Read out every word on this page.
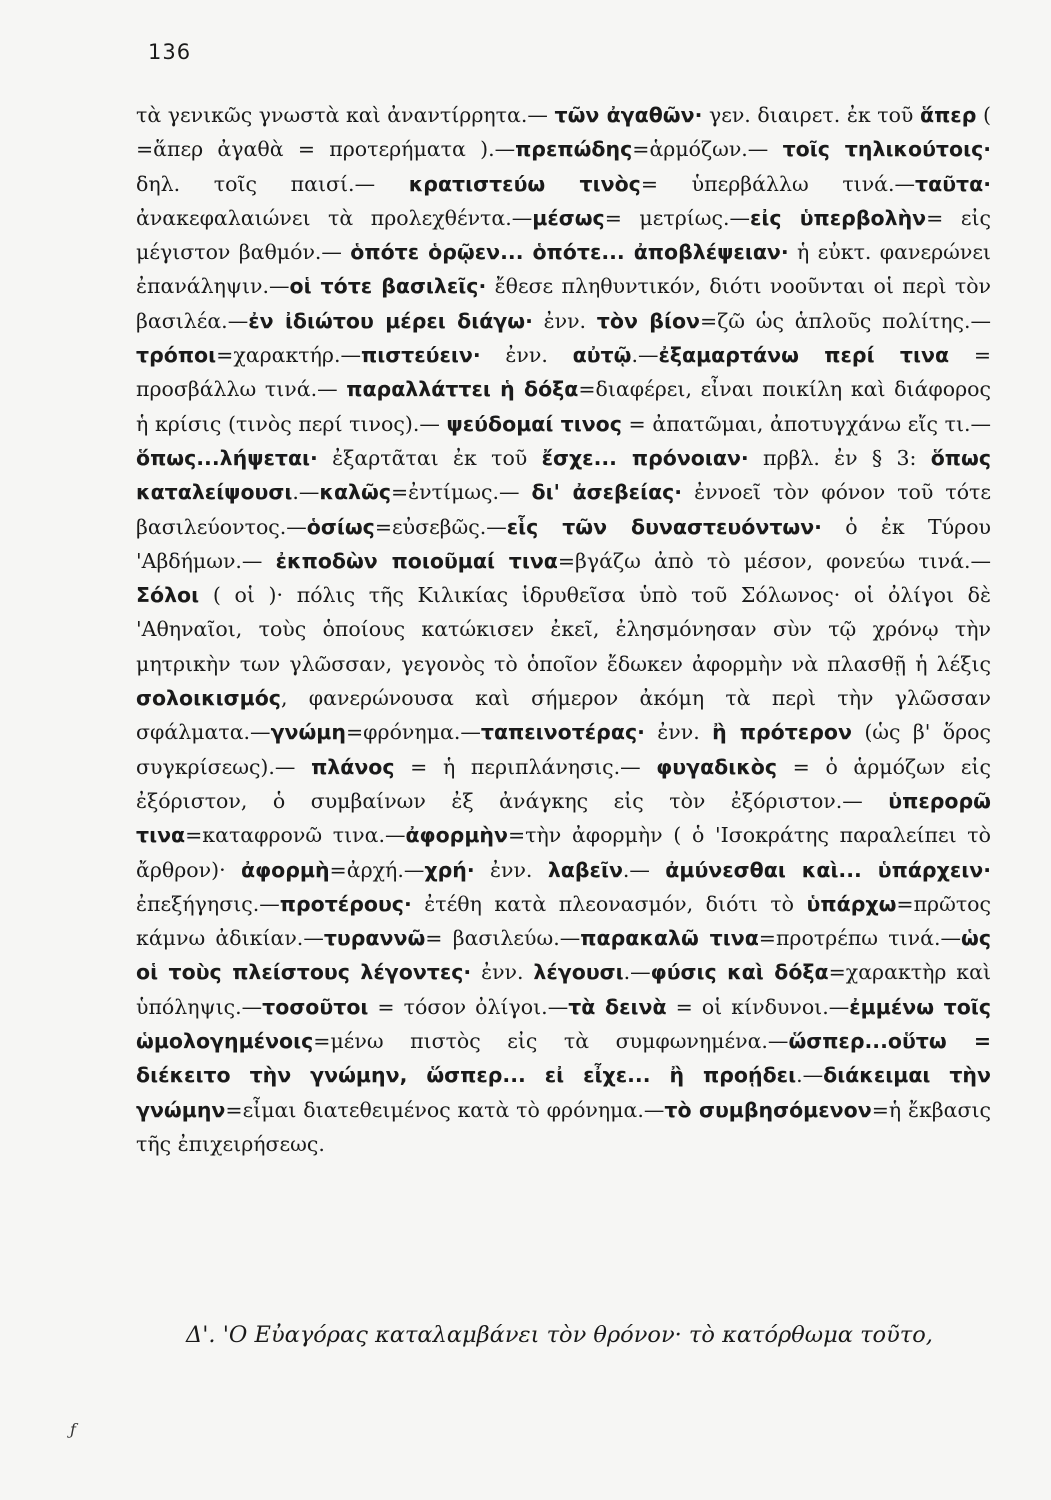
136
τὰ γενικῶς γνωστὰ καὶ ἀναντίρρητα.— τῶν ἀγαθῶν· γεν. διαιρετ. ἐκ τοῦ ἅπερ ( =ἅπερ ἀγαθὰ = προτερήματα ).—πρεπώδης=ἁρμόζων.— τοῖς τηλικούτοις· δηλ. τοῖς παισί.— κρατιστεύω τινὸς= ὑπερβάλλω τινά.—ταῦτα· ἀνακεφαλαιώνει τὰ προλεχθέντα.—μέσως= μετρίως.—εἰς ὑπερβολὴν= εἰς μέγιστον βαθμόν.— ὁπότε ὁρῷεν... ὁπότε... ἀποβλέψειαν· ἡ εὐκτ. φανερώνει ἐπανάληψιν.—οἱ τότε βασιλεῖς· ἔθεσε πληθυντικόν, διότι νοοῦνται οἱ περὶ τὸν βασιλέα.—ἐν ἰδιώτου μέρει διάγω· ἐνν. τὸν βίον=ζῶ ὡς ἁπλοῦς πολίτης.—τρόποι=χαρακτήρ.—πιστεύειν· ἐνν. αὐτῷ.—ἐξαμαρτάνω περί τινα = προσβάλλω τινά.— παραλλάττει ἡ δόξα=διαφέρει, εἶναι ποικίλη καὶ διάφορος ἡ κρίσις (τινὸς περί τινος).— ψεύδομαί τινος = ἀπατῶμαι, ἀποτυγχάνω εἴς τι.— ὅπως...λήψεται· ἐξαρτᾶται ἐκ τοῦ ἔσχε... πρόνοιαν· πρβλ. ἐν § 3: ὅπως καταλείψουσι.—καλῶς=ἐντίμως.— δι' ἀσεβείας· ἐννοεῖ τὸν φόνον τοῦ τότε βασιλεύοντος.—ὁσίως=εὐσεβῶς.—εἷς τῶν δυναστευόντων· ὁ ἐκ Τύρου 'Αβδήμων.— ἐκποδὼν ποιοῦμαί τινα=βγάζω ἀπὸ τὸ μέσον, φονεύω τινά.—Σόλοι ( οἱ )· πόλις τῆς Κιλικίας ἱδρυθεῖσα ὑπὸ τοῦ Σόλωνος· οἱ ὀλίγοι δὲ 'Αθηναῖοι, τοὺς ὁποίους κατώκισεν ἐκεῖ, ἐλησμόνησαν σὺν τῷ χρόνῳ τὴν μητρικὴν των γλῶσσαν, γεγονὸς τὸ ὁποῖον ἔδωκεν ἀφορμὴν νὰ πλασθῇ ἡ λέξις σολοικισμός, φανερώνουσα καὶ σήμερον ἀκόμη τὰ περὶ τὴν γλῶσσαν σφάλματα.—γνώμη=φρόνημα.—ταπεινοτέρας· ἐνν. ἢ πρότερον (ὡς β' ὅρος συγκρίσεως).— πλάνος = ἡ περιπλάνησις.— φυγαδικὸς = ὁ ἁρμόζων εἰς ἐξόριστον, ὁ συμβαίνων ἐξ ἀνάγκης εἰς τὸν ἐξόριστον.— ὑπερορῶ τινα=καταφρονῶ τινα.—ἀφορμὴν=τὴν ἀφορμὴν ( ὁ 'Ισοκράτης παραλείπει τὸ ἄρθρον)· ἀφορμὴ=ἀρχή.—χρή· ἐνν. λαβεῖν.— ἀμύνεσθαι καὶ... ὑπάρχειν· ἐπεξήγησις.—προτέρους· ἐτέθη κατὰ πλεονασμόν, διότι τὸ ὑπάρχω=πρῶτος κάμνω ἀδικίαν.—τυραννῶ= βασιλεύω.—παρακαλῶ τινα=προτρέπω τινά.—ὡς οἱ τοὺς πλείστους λέγοντες· ἐνν. λέγουσι.—φύσις καὶ δόξα=χαρακτὴρ καὶ ὑπόληψις.—τοσοῦτοι = τόσον ὀλίγοι.—τὰ δεινὰ = οἱ κίνδυνοι.—ἐμμένω τοῖς ὡμολογημένοις=μένω πιστὸς εἰς τὰ συμφωνημένα.—ὥσπερ...οὕτω = διέκειτο τὴν γνώμην, ὥσπερ... εἰ εἶχε... ἢ προῄδει.—διάκειμαι τὴν γνώμην=εἶμαι διατεθειμένος κατὰ τὸ φρόνημα.—τὸ συμβησόμενον=ἡ ἔκβασις τῆς ἐπιχειρήσεως.
Δ'. 'Ο Εὐαγόρας καταλαμβάνει τὸν θρόνον· τὸ κατόρθωμα τοῦτο,
ƒ
